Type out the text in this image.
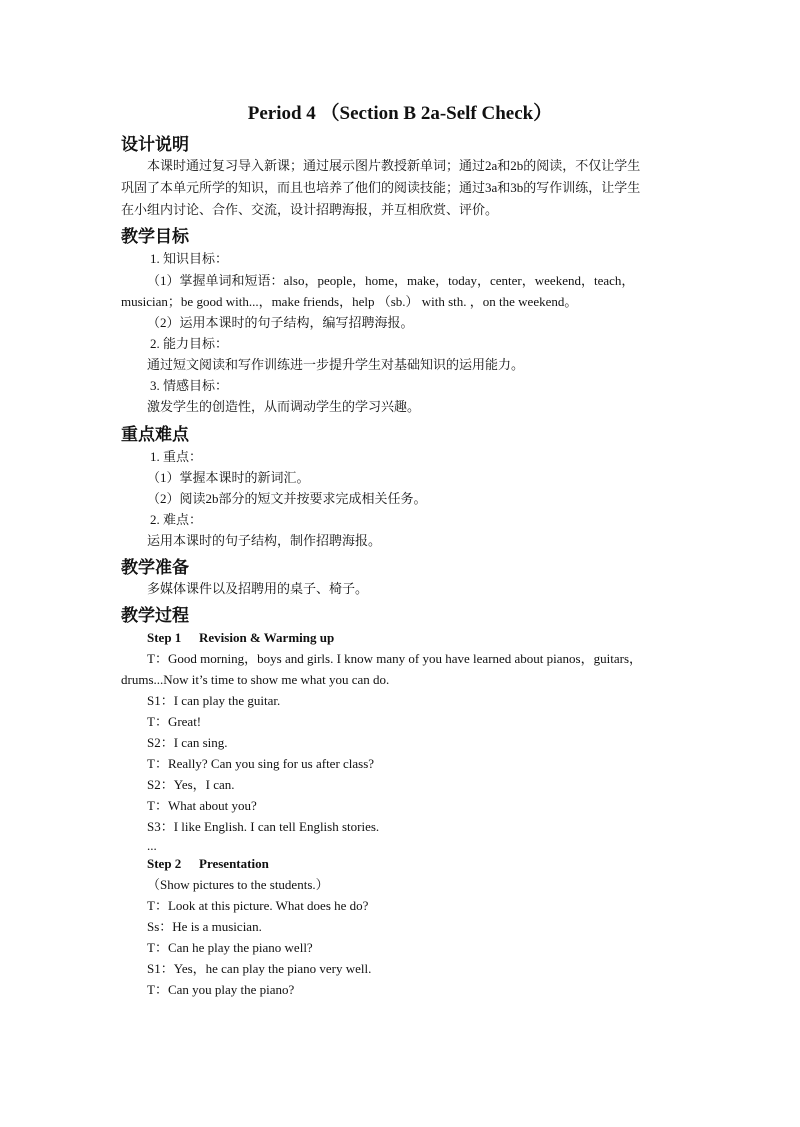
Period 4 （Section B 2a-Self Check）
设计说明
本课时通过复习导入新课；通过展示图片教授新单词；通过2a和2b的阅读，不仅让学生
巩固了本单元所学的知识，而且也培养了他们的阅读技能；通过3a和3b的写作训练，让学生
在小组内讨论、合作、交流，设计招聘海报，并互相欣赏、评价。
教学目标
1. 知识目标：
（1）掌握单词和短语：also，people，home，make，today，center，weekend，teach，
musician；be good with...，make friends，help （sb.） with sth. ，on the weekend。
（2）运用本课时的句子结构，编写招聘海报。
2. 能力目标：
通过短文阅读和写作训练进一步提升学生对基础知识的运用能力。
3. 情感目标：
激发学生的创造性，从而调动学生的学习兴趣。
重点难点
1. 重点：
（1）掌握本课时的新词汇。
（2）阅读2b部分的短文并按要求完成相关任务。
2. 难点：
运用本课时的句子结构，制作招聘海报。
教学准备
多媒体课件以及招聘用的桌子、椅子。
教学过程
Step 1 Revision & Warming up
T：Good morning，boys and girls. I know many of you have learned about pianos，guitars，
drums...Now it’s time to show me what you can do.
S1：I can play the guitar.
T：Great!
S2：I can sing.
T：Really? Can you sing for us after class?
S2：Yes，I can.
T：What about you?
S3：I like English. I can tell English stories.
...
Step 2 Presentation
（Show pictures to the students.）
T：Look at this picture. What does he do?
Ss：He is a musician.
T：Can he play the piano well?
S1：Yes，he can play the piano very well.
T：Can you play the piano?
